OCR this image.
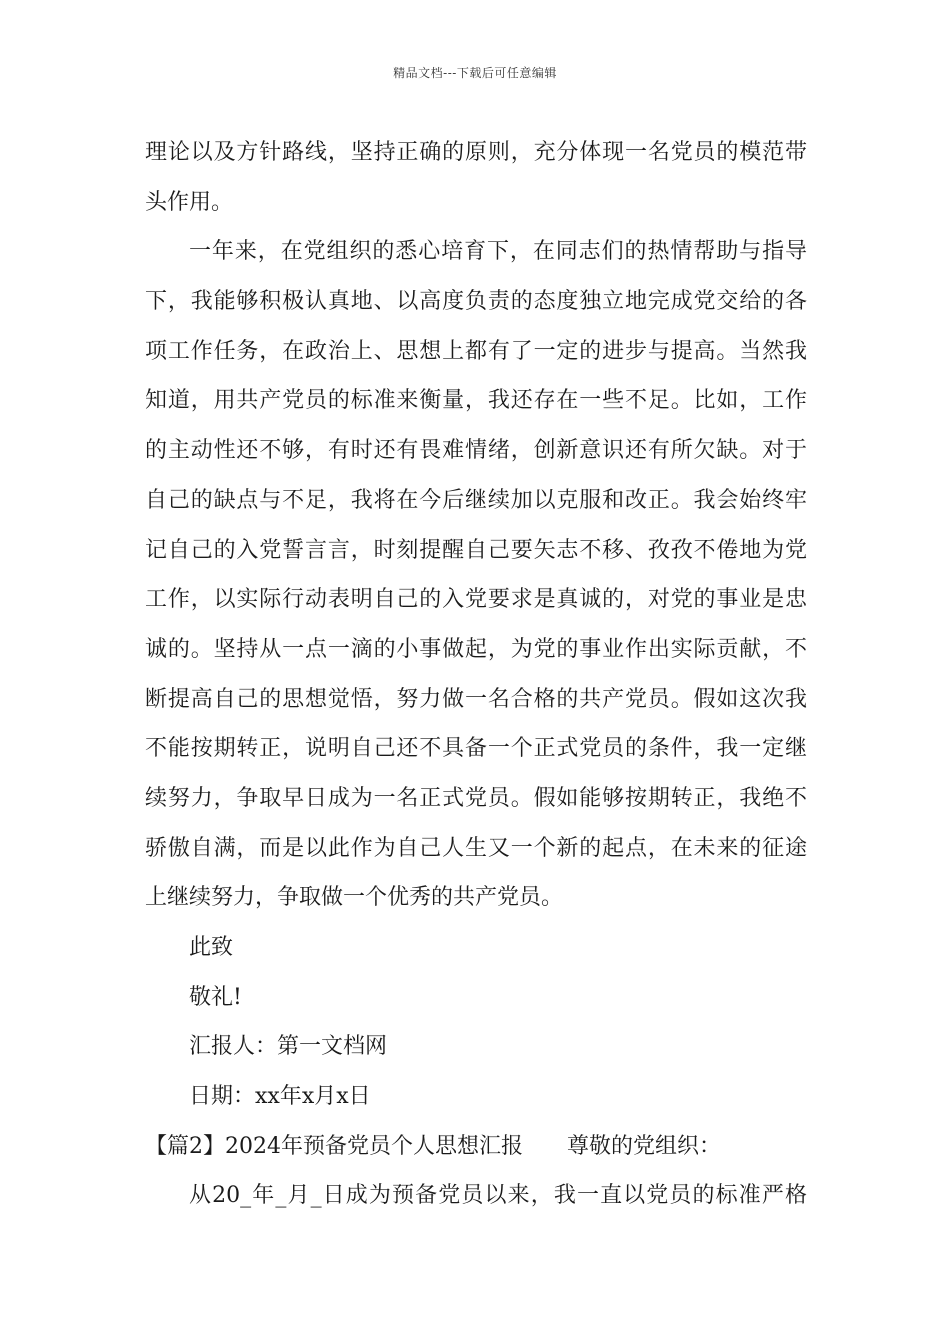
精品文档---下载后可任意编辑
理论以及方针路线，坚持正确的原则，充分体现一名党员的模范带
头作用。
一年来，在党组织的悉心培育下，在同志们的热情帮助与指导
下，我能够积极认真地、以高度负责的态度独立地完成党交给的各
项工作任务，在政治上、思想上都有了一定的进步与提高。当然我
知道，用共产党员的标准来衡量，我还存在一些不足。比如，工作
的主动性还不够，有时还有畏难情绪，创新意识还有所欠缺。对于
自己的缺点与不足，我将在今后继续加以克服和改正。我会始终牢
记自己的入党誓言言，时刻提醒自己要矢志不移、孜孜不倦地为党
工作，以实际行动表明自己的入党要求是真诚的，对党的事业是忠
诚的。坚持从一点一滴的小事做起，为党的事业作出实际贡献，不
断提高自己的思想觉悟，努力做一名合格的共产党员。假如这次我
不能按期转正，说明自己还不具备一个正式党员的条件，我一定继
续努力，争取早日成为一名正式党员。假如能够按期转正，我绝不
骄傲自满，而是以此作为自己人生又一个新的起点，在未来的征途
上继续努力，争取做一个优秀的共产党员。
此致
敬礼!
汇报人：第一文档网
日期：xx年x月x日
【篇2】2024年预备党员个人思想汇报 尊敬的党组织：
从20_年_月_日成为预备党员以来，我一直以党员的标准严格
